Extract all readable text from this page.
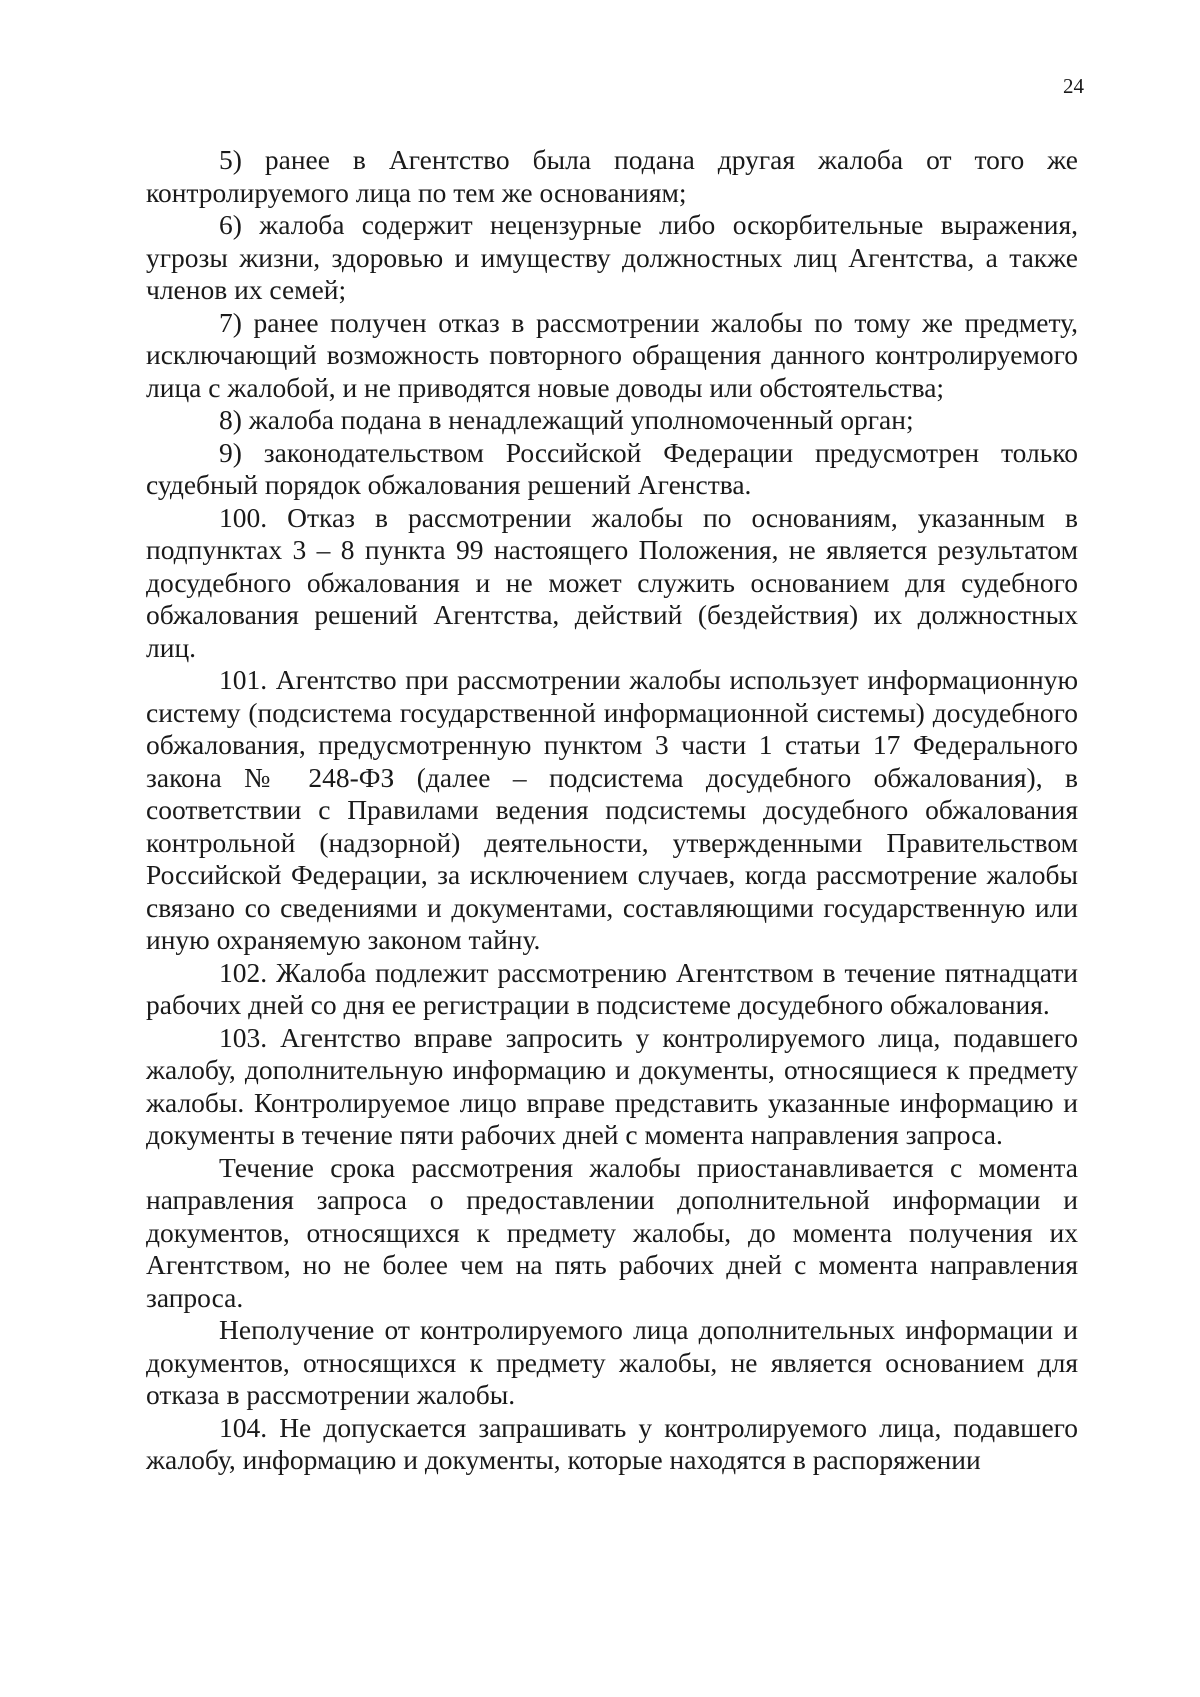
24

5) ранее в Агентство была подана другая жалоба от того же контролируемого лица по тем же основаниям;

6) жалоба содержит нецензурные либо оскорбительные выражения, угрозы жизни, здоровью и имуществу должностных лиц Агентства, а также членов их семей;

7) ранее получен отказ в рассмотрении жалобы по тому же предмету, исключающий возможность повторного обращения данного контролируемого лица с жалобой, и не приводятся новые доводы или обстоятельства;

8) жалоба подана в ненадлежащий уполномоченный орган;

9) законодательством Российской Федерации предусмотрен только судебный порядок обжалования решений Агенства.

100. Отказ в рассмотрении жалобы по основаниям, указанным в подпунктах 3 – 8 пункта 99 настоящего Положения, не является результатом досудебного обжалования и не может служить основанием для судебного обжалования решений Агентства, действий (бездействия) их должностных лиц.

101. Агентство при рассмотрении жалобы использует информационную систему (подсистема государственной информационной системы) досудебного обжалования, предусмотренную пунктом 3 части 1 статьи 17 Федерального закона № 248-ФЗ (далее – подсистема досудебного обжалования), в соответствии с Правилами ведения подсистемы досудебного обжалования контрольной (надзорной) деятельности, утвержденными Правительством Российской Федерации, за исключением случаев, когда рассмотрение жалобы связано со сведениями и документами, составляющими государственную или иную охраняемую законом тайну.

102. Жалоба подлежит рассмотрению Агентством в течение пятнадцати рабочих дней со дня ее регистрации в подсистеме досудебного обжалования.

103. Агентство вправе запросить у контролируемого лица, подавшего жалобу, дополнительную информацию и документы, относящиеся к предмету жалобы. Контролируемое лицо вправе представить указанные информацию и документы в течение пяти рабочих дней с момента направления запроса.

Течение срока рассмотрения жалобы приостанавливается с момента направления запроса о предоставлении дополнительной информации и документов, относящихся к предмету жалобы, до момента получения их Агентством, но не более чем на пять рабочих дней с момента направления запроса.

Неполучение от контролируемого лица дополнительных информации и документов, относящихся к предмету жалобы, не является основанием для отказа в рассмотрении жалобы.

104. Не допускается запрашивать у контролируемого лица, подавшего жалобу, информацию и документы, которые находятся в распоряжении
